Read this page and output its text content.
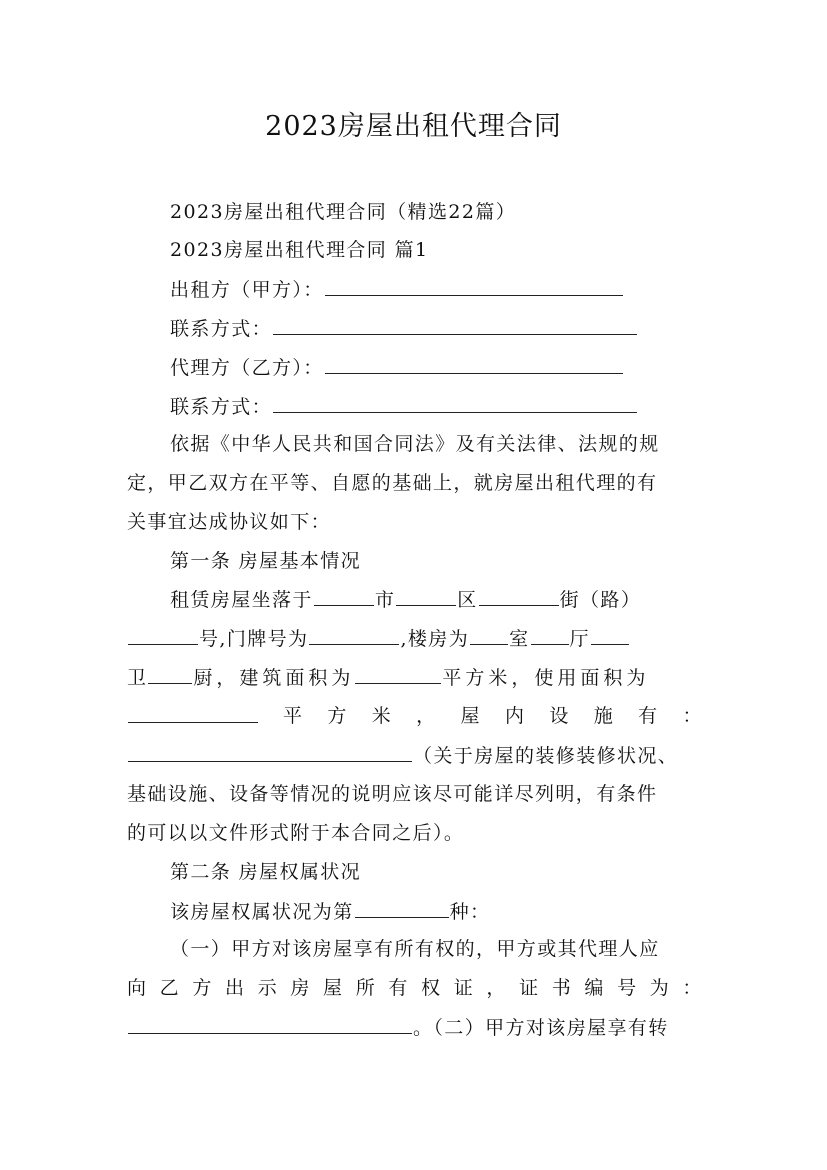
2023房屋出租代理合同
2023房屋出租代理合同（精选22篇）
2023房屋出租代理合同 篇1
出租方（甲方）：
联系方式：
代理方（乙方）：
联系方式：
依据《中华人民共和国合同法》及有关法律、法规的规
定，甲乙双方在平等、自愿的基础上，就房屋出租代理的有
关事宜达成协议如下：
第一条 房屋基本情况
租赁房屋坐落于	市	区	街（路）
号,门牌号为	,楼房为 室 厅
卫 厨，建筑面积为	平方米，使用面积为
平 方 米 ， 屋 内 设 施 有 ：
（关于房屋的装修装修状况、
基础设施、设备等情况的说明应该尽可能详尽列明，有条件
的可以以文件形式附于本合同之后）。
第二条 房屋权属状况
该房屋权属状况为第	种：
（一）甲方对该房屋享有所有权的，甲方或其代理人应
向 乙 方 出 示 房 屋 所 有 权 证 ， 证 书 编 号 为 ：
。（二）甲方对该房屋享有转
